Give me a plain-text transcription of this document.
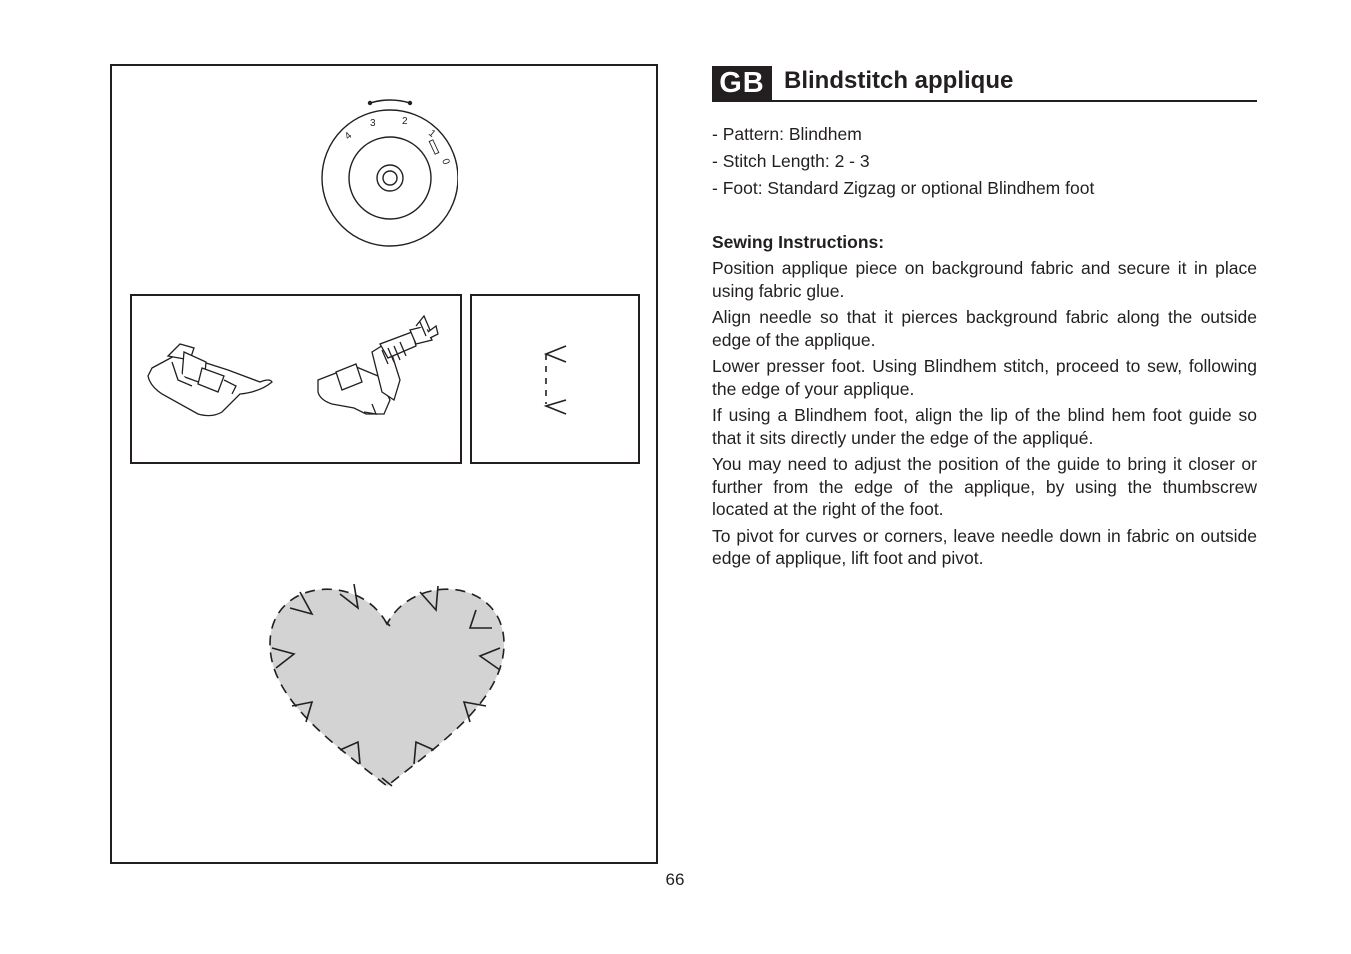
4
3	2
1
0
GB Blindstitch applique
- Pattern: Blindhem
- Stitch Length: 2 - 3
- Foot: Standard Zigzag or optional Blindhem foot
Sewing Instructions:

Position applique piece on background fabric and secure it in place using fabric glue.

Align needle so that it pierces background fabric along the outside edge of the applique.

Lower presser foot. Using Blindhem stitch, proceed to sew, following the edge of your applique.

If using a Blindhem foot, align the lip of the blind hem foot guide so that it sits directly under the edge of the appliqué.

You may need to adjust the position of the guide to bring it closer or further from the edge of the applique, by using the thumbscrew located at the right of the foot.

To pivot for curves or corners, leave needle down in fabric on outside edge of applique, lift foot and pivot.

66
